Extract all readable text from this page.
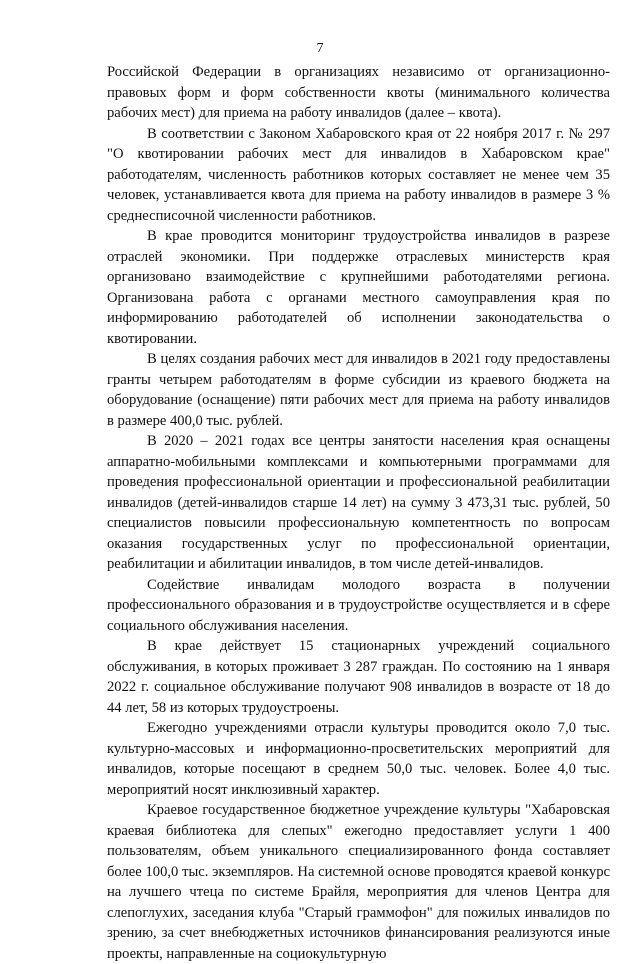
7

Российской Федерации в организациях независимо от организационно-правовых форм и форм собственности квоты (минимального количества рабочих мест) для приема на работу инвалидов (далее – квота).

В соответствии с Законом Хабаровского края от 22 ноября 2017 г. № 297 "О квотировании рабочих мест для инвалидов в Хабаровском крае" работодателям, численность работников которых составляет не менее чем 35 человек, устанавливается квота для приема на работу инвалидов в размере 3 % среднесписочной численности работников.

В крае проводится мониторинг трудоустройства инвалидов в разрезе отраслей экономики. При поддержке отраслевых министерств края организовано взаимодействие с крупнейшими работодателями региона. Организована работа с органами местного самоуправления края по информированию работодателей об исполнении законодательства о квотировании.

В целях создания рабочих мест для инвалидов в 2021 году предоставлены гранты четырем работодателям в форме субсидии из краевого бюджета на оборудование (оснащение) пяти рабочих мест для приема на работу инвалидов в размере 400,0 тыс. рублей.

В 2020 – 2021 годах все центры занятости населения края оснащены аппаратно-мобильными комплексами и компьютерными программами для проведения профессиональной ориентации и профессиональной реабилитации инвалидов (детей-инвалидов старше 14 лет) на сумму 3 473,31 тыс. рублей, 50 специалистов повысили профессиональную компетентность по вопросам оказания государственных услуг по профессиональной ориентации, реабилитации и абилитации инвалидов, в том числе детей-инвалидов.

Содействие инвалидам молодого возраста в получении профессионального образования и в трудоустройстве осуществляется и в сфере социального обслуживания населения.

В крае действует 15 стационарных учреждений социального обслуживания, в которых проживает 3 287 граждан. По состоянию на 1 января 2022 г. социальное обслуживание получают 908 инвалидов в возрасте от 18 до 44 лет, 58 из которых трудоустроены.

Ежегодно учреждениями отрасли культуры проводится около 7,0 тыс. культурно-массовых и информационно-просветительских мероприятий для инвалидов, которые посещают в среднем 50,0 тыс. человек. Более 4,0 тыс. мероприятий носят инклюзивный характер.

Краевое государственное бюджетное учреждение культуры "Хабаровская краевая библиотека для слепых" ежегодно предоставляет услуги 1 400 пользователям, объем уникального специализированного фонда составляет более 100,0 тыс. экземпляров. На системной основе проводятся краевой конкурс на лучшего чтеца по системе Брайля, мероприятия для членов Центра для слепоглухих, заседания клуба "Старый граммофон" для пожилых инвалидов по зрению, за счет внебюджетных источников финансирования реализуются иные проекты, направленные на социокультурную
